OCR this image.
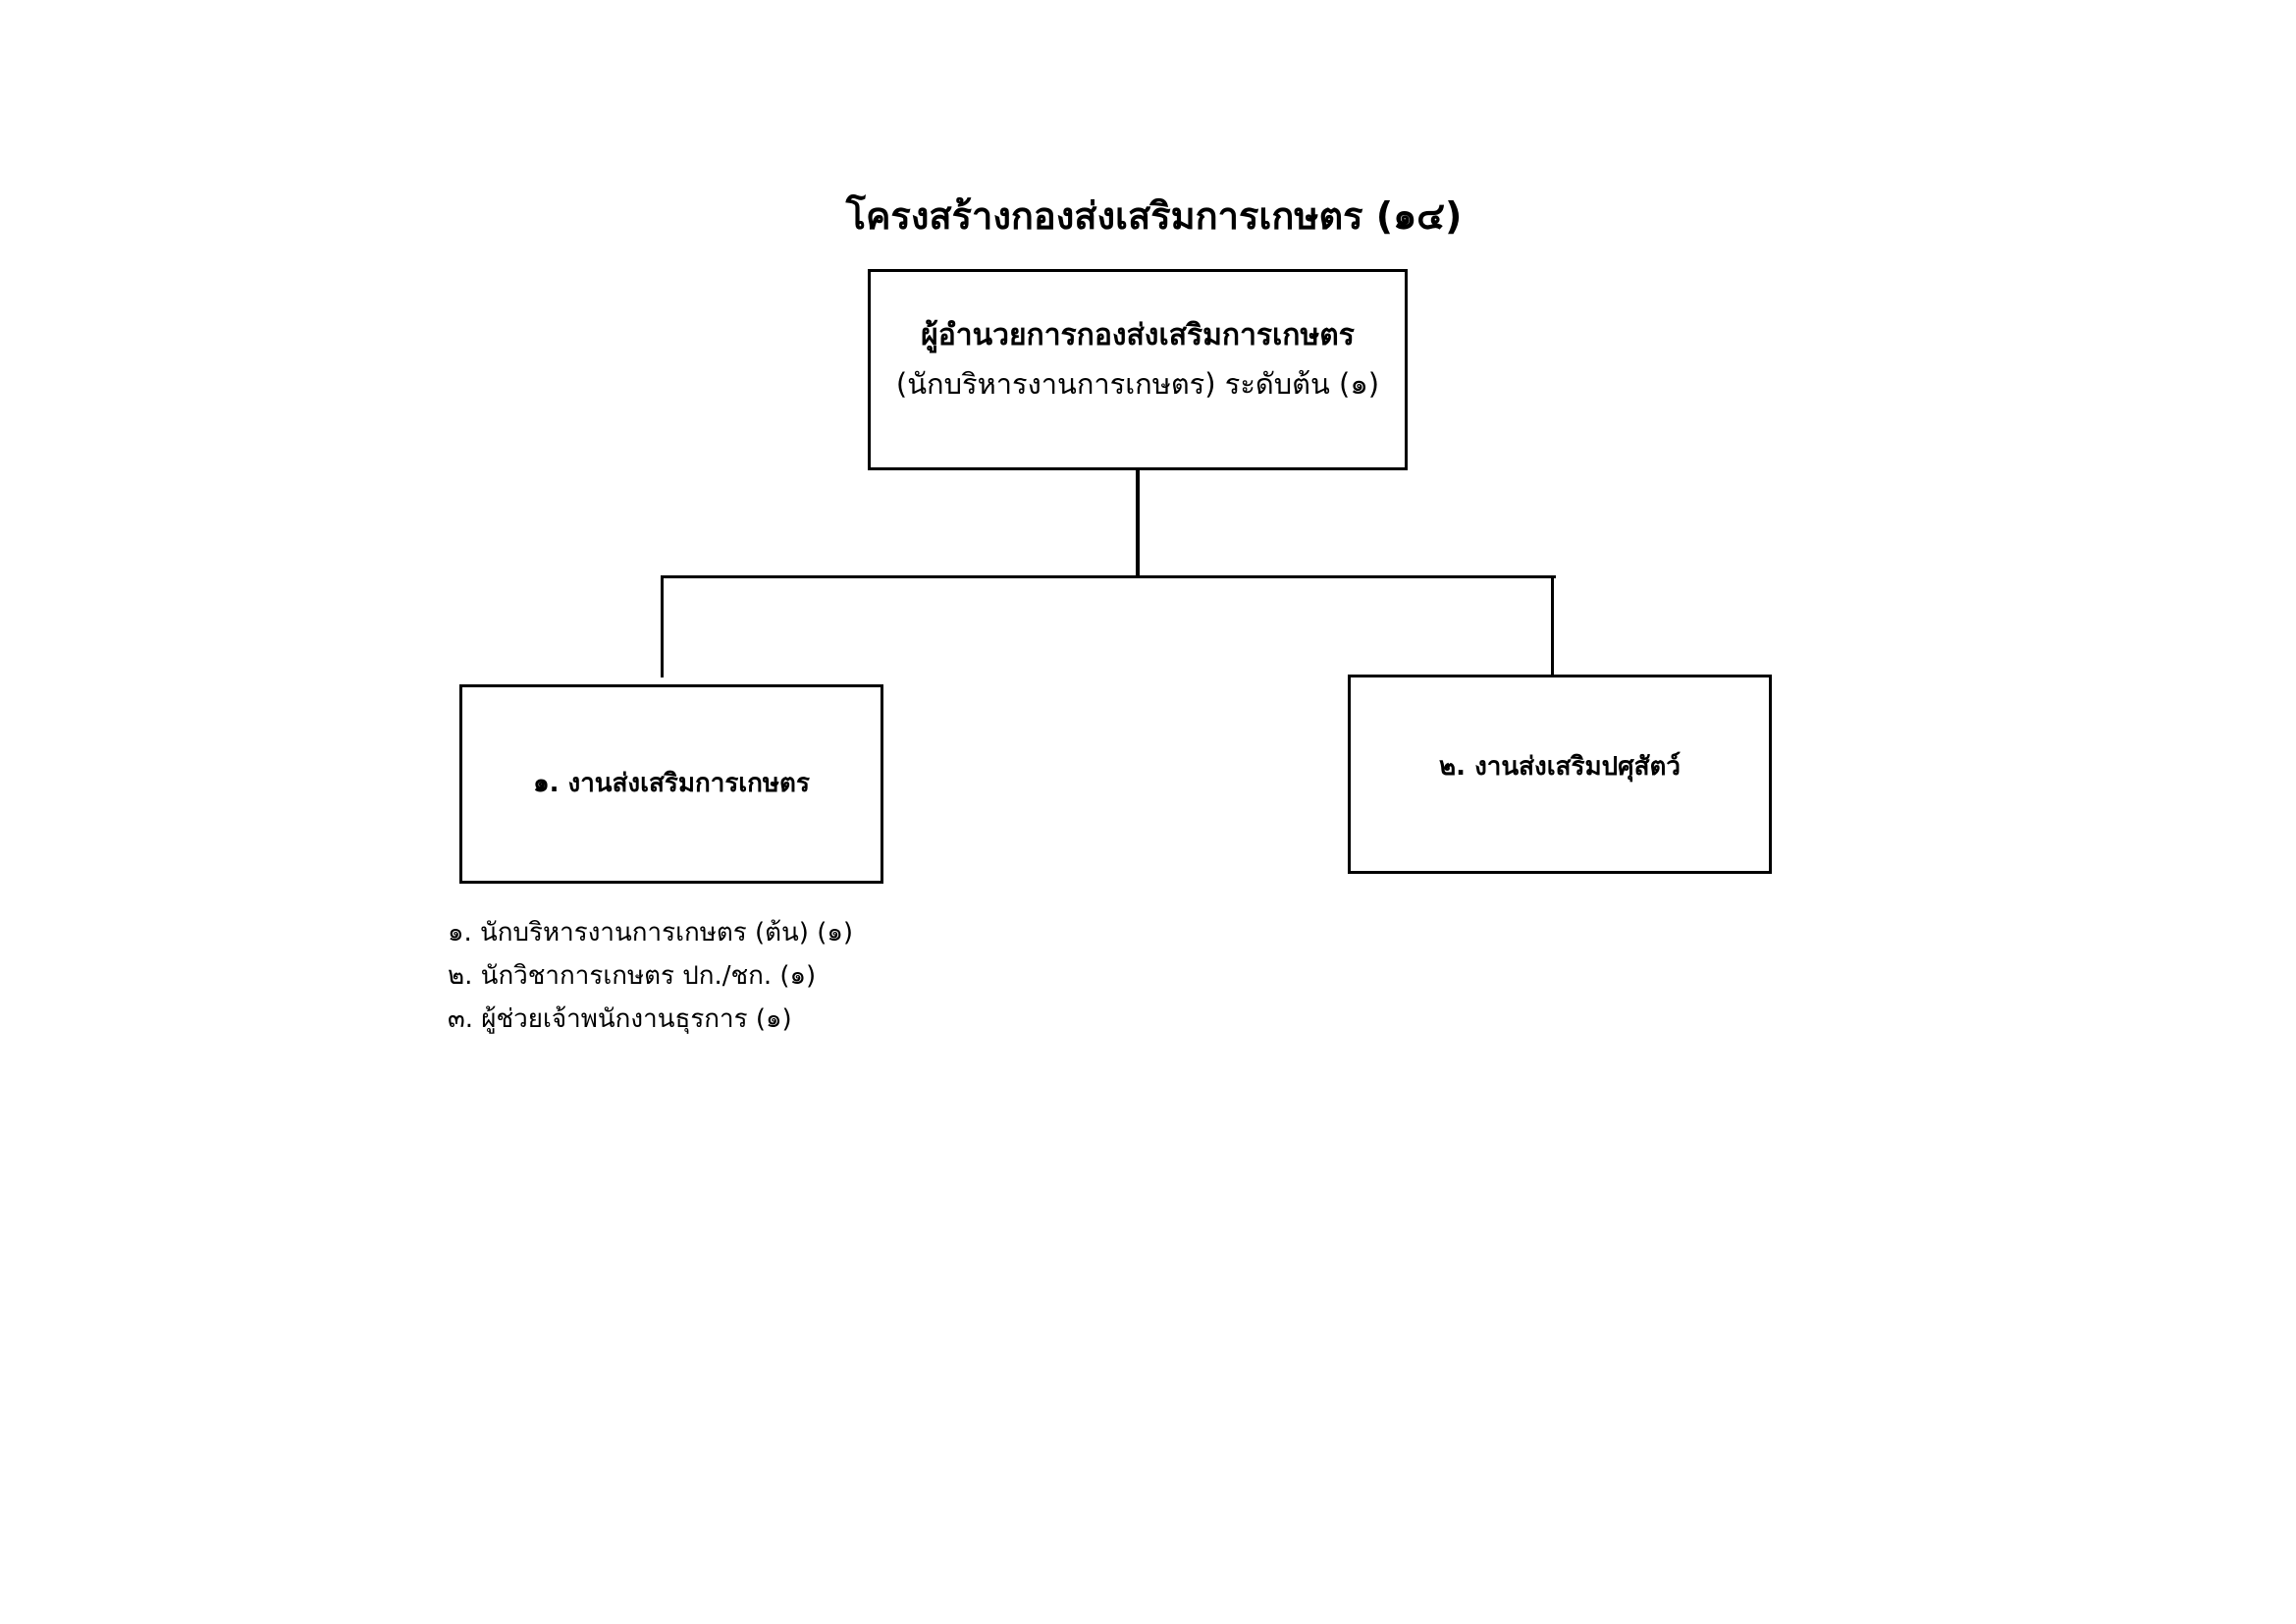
โครงสร้างกองส่งเสริมการเกษตร (๑๔)
ผู้อำนวยการกองส่งเสริมการเกษตร
(นักบริหารงานการเกษตร) ระดับต้น (๑)
๑. งานส่งเสริมการเกษตร
๒. งานส่งเสริมปศุสัตว์
๑. นักบริหารงานการเกษตร (ต้น) (๑)
๒. นักวิชาการเกษตร ปก./ชก. (๑)
๓. ผู้ช่วยเจ้าพนักงานธุรการ (๑)
